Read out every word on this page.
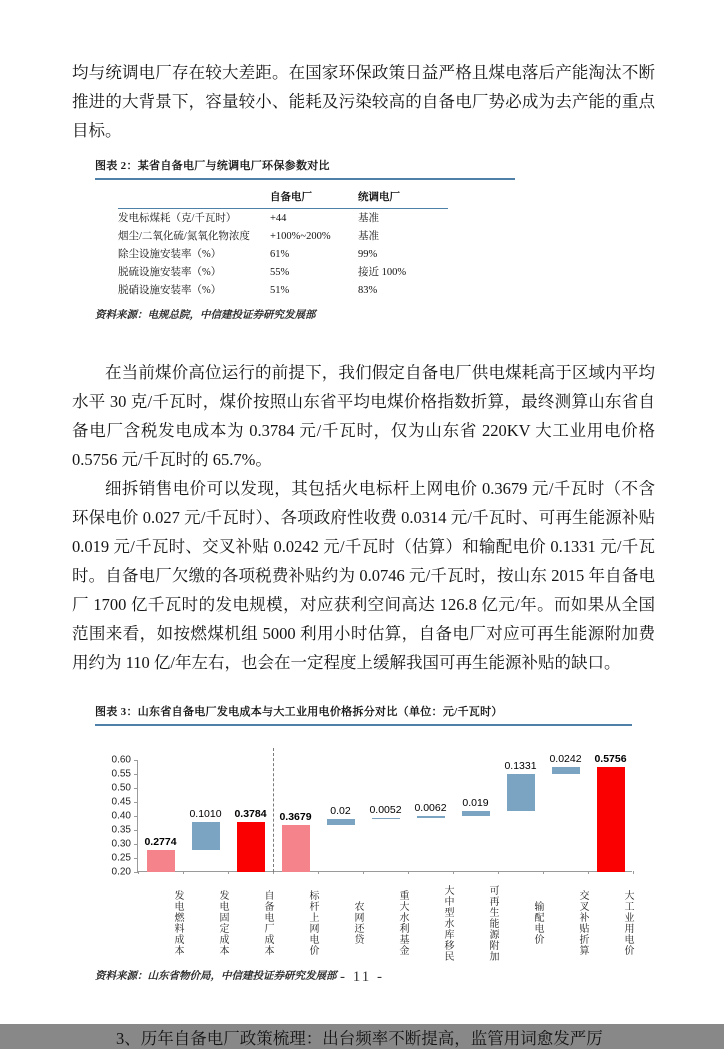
均与统调电厂存在较大差距。在国家环保政策日益严格且煤电落后产能淘汰不断推进的大背景下，容量较小、能耗及污染较高的自备电厂势必成为去产能的重点目标。

图表 2：某省自备电厂与统调电厂环保参数对比
	自备电厂	统调电厂
发电标煤耗（克/千瓦时）	+44	基准
烟尘/二氧化硫/氮氧化物浓度	+100%~200%	基准
除尘设施安装率（%）	61%	99%
脱硫设施安装率（%）	55%	接近 100%
脱硝设施安装率（%）	51%	83%
资料来源：电规总院，中信建投证券研究发展部

在当前煤价高位运行的前提下，我们假定自备电厂供电煤耗高于区域内平均水平 30 克/千瓦时，煤价按照山东省平均电煤价格指数折算，最终测算山东省自备电厂含税发电成本为 0.3784 元/千瓦时，仅为山东省 220KV 大工业用电价格 0.5756 元/千瓦时的 65.7%。

细拆销售电价可以发现，其包括火电标杆上网电价 0.3679 元/千瓦时（不含环保电价 0.027 元/千瓦时）、各项政府性收费 0.0314 元/千瓦时、可再生能源补贴 0.019 元/千瓦时、交叉补贴 0.0242 元/千瓦时（估算）和输配电价 0.1331 元/千瓦时。自备电厂欠缴的各项税费补贴约为 0.0746 元/千瓦时，按山东 2015 年自备电厂 1700 亿千瓦时的发电规模，对应获利空间高达 126.8 亿元/年。而如果从全国范围来看，如按燃煤机组 5000 利用小时估算，自备电厂对应可再生能源附加费用约为 110 亿/年左右，也会在一定程度上缓解我国可再生能源补贴的缺口。

图表 3：山东省自备电厂发电成本与大工业用电价格拆分对比（单位：元/千瓦时）
0.60
0.55
0.50
0.45
0.40
0.35
0.30
0.25
0.20
0.2774
0.1010	0.3784	0.3679	0.02	0.0052	0.0062	0.019
0.1331
0.0242	0.5756
发电燃料成本	发电固定成本	自备电厂成本	标杆上网电价	农网还贷	重大水利基金	大中型水库移民	可再生能源附加	输配电价	交叉补贴折算	大工业用电价
资料来源：山东省物价局，中信建投证券研究发展部

3、历年自备电厂政策梳理：出台频率不断提高，监管用词愈发严厉

- 11 -
